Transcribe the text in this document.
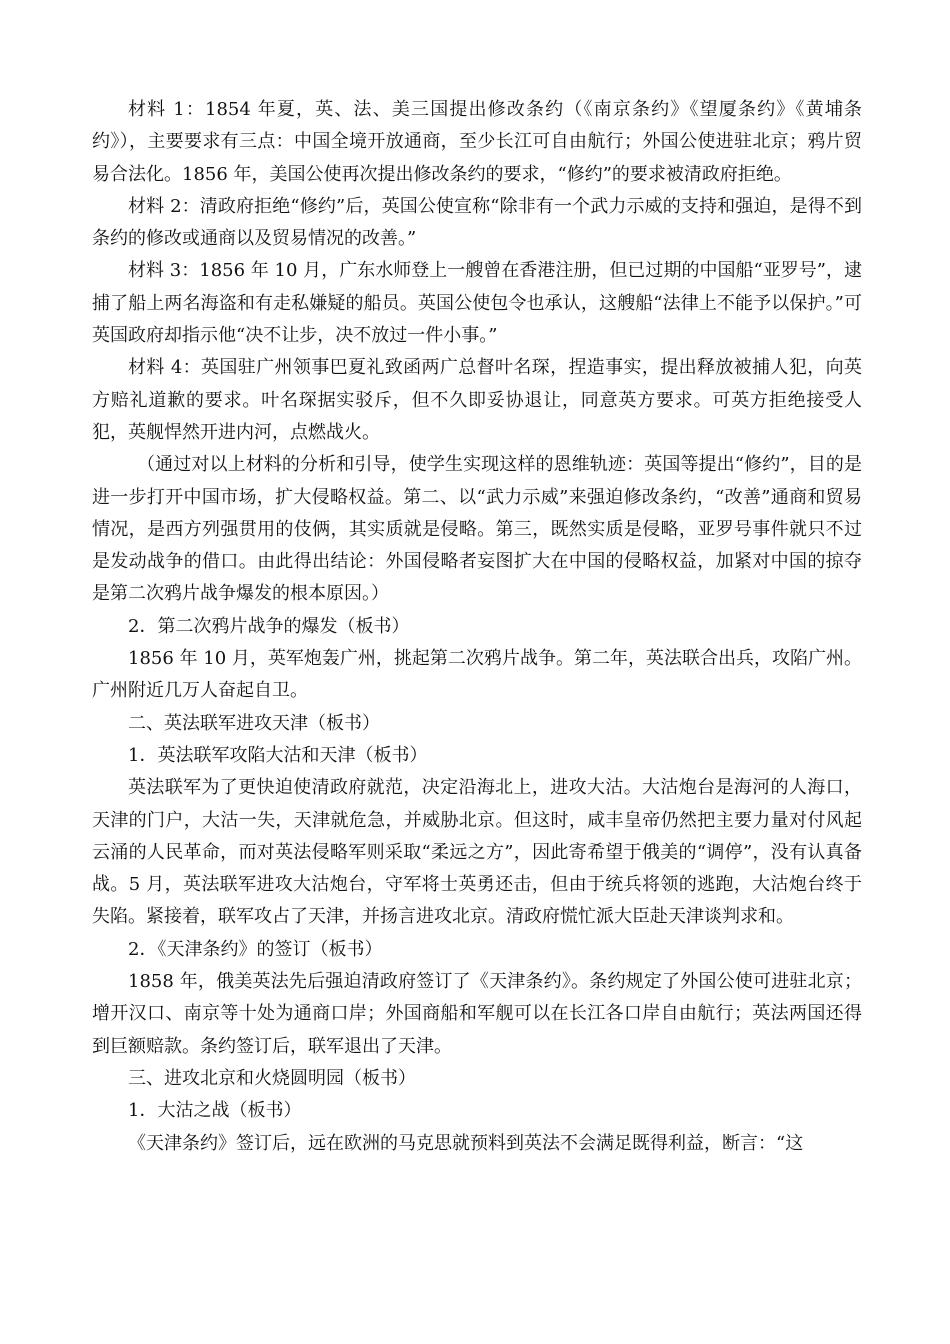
材料 1：1854 年夏，英、法、美三国提出修改条约（《南京条约》《望厦条约》《黄埔条约》），主要要求有三点：中国全境开放通商，至少长江可自由航行；外国公使进驻北京；鸦片贸易合法化。1856 年，美国公使再次提出修改条约的要求，“修约”的要求被清政府拒绝。

材料 2：清政府拒绝“修约”后，英国公使宣称“除非有一个武力示威的支持和强迫，是得不到条约的修改或通商以及贸易情况的改善。”

材料 3：1856 年 10 月，广东水师登上一艘曾在香港注册，但已过期的中国船“亚罗号”，逮捕了船上两名海盗和有走私嫌疑的船员。英国公使包令也承认，这艘船“法律上不能予以保护。”可英国政府却指示他“决不让步，决不放过一件小事。”

材料 4：英国驻广州领事巴夏礼致函两广总督叶名琛，捏造事实，提出释放被捕人犯，向英方赔礼道歉的要求。叶名琛据实驳斥，但不久即妥协退让，同意英方要求。可英方拒绝接受人犯，英舰悍然开进内河，点燃战火。

（通过对以上材料的分析和引导，使学生实现这样的恩维轨迹：英国等提出“修约”，目的是进一步打开中国市场，扩大侵略权益。第二、以“武力示威”来强迫修改条约，“改善”通商和贸易情况，是西方列强贯用的伎俩，其实质就是侵略。第三，既然实质是侵略，亚罗号事件就只不过是发动战争的借口。由此得出结论：外国侵略者妄图扩大在中国的侵略权益，加紧对中国的掠夺是第二次鸦片战争爆发的根本原因。）

2．第二次鸦片战争的爆发（板书）

1856 年 10 月，英军炮轰广州，挑起第二次鸦片战争。第二年，英法联合出兵，攻陷广州。广州附近几万人奋起自卫。

二、英法联军进攻天津（板书）

1．英法联军攻陷大沽和天津（板书）

英法联军为了更快迫使清政府就范，决定沿海北上，进攻大沽。大沽炮台是海河的人海口，天津的门户，大沽一失，天津就危急，并威胁北京。但这时，咸丰皇帝仍然把主要力量对付风起云涌的人民革命，而对英法侵略军则采取“柔远之方”，因此寄希望于俄美的“调停”，没有认真备战。5 月，英法联军进攻大沽炮台，守军将士英勇还击，但由于统兵将领的逃跑，大沽炮台终于失陷。紧接着，联军攻占了天津，并扬言进攻北京。清政府慌忙派大臣赴天津谈判求和。

2．《天津条约》的签订（板书）

1858 年，俄美英法先后强迫清政府签订了《天津条约》。条约规定了外国公使可进驻北京；增开汉口、南京等十处为通商口岸；外国商船和军舰可以在长江各口岸自由航行；英法两国还得到巨额赔款。条约签订后，联军退出了天津。

三、进攻北京和火烧圆明园（板书）

1．大沽之战（板书）

《天津条约》签订后，远在欧洲的马克思就预料到英法不会满足既得利益，断言：“这
